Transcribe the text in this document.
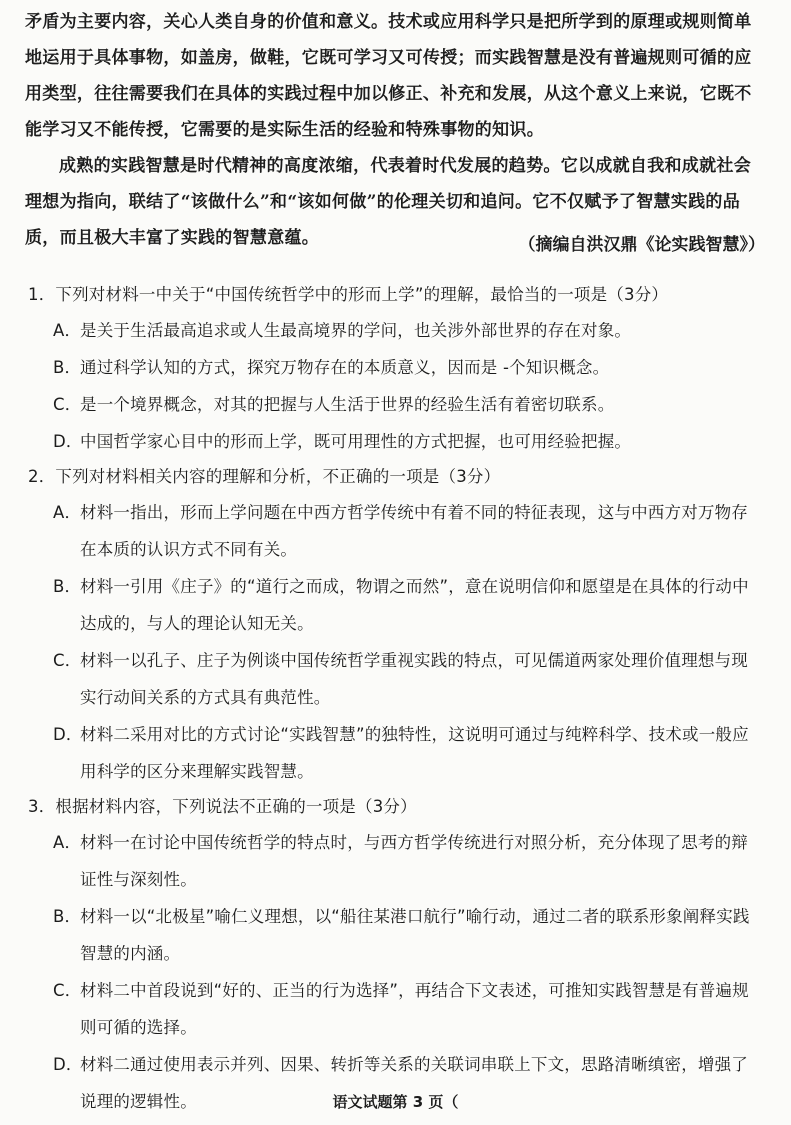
矛盾为主要内容，关心人类自身的价值和意义。技术或应用科学只是把所学到的原理或规则简单地运用于具体事物，如盖房，做鞋，它既可学习又可传授；而实践智慧是没有普遍规则可循的应用类型，往往需要我们在具体的实践过程中加以修正、补充和发展，从这个意义上来说，它既不能学习又不能传授，它需要的是实际生活的经验和特殊事物的知识。

成熟的实践智慧是时代精神的高度浓缩，代表着时代发展的趋势。它以成就自我和成就社会理想为指向，联结了“该做什么”和“该如何做”的伦理关切和追问。它不仅赋予了智慧实践的品质，而且极大丰富了实践的智慧意蕴。	（摘编自洪汉鼎《论实践智慧》）
1．下列对材料一中关于“中国传统哲学中的形而上学”的理解，最恰当的一项是（3分）
A．是关于生活最高追求或人生最高境界的学问，也关涉外部世界的存在对象。
B．通过科学认知的方式，探究万物存在的本质意义，因而是 -个知识概念。
C．是一个境界概念，对其的把握与人生活于世界的经验生活有着密切联系。
D．中国哲学家心目中的形而上学，既可用理性的方式把握，也可用经验把握。
2．下列对材料相关内容的理解和分析，不正确的一项是（3分）
A．材料一指出，形而上学问题在中西方哲学传统中有着不同的特征表现，这与中西方对万物存在本质的认识方式不同有关。
B．材料一引用《庄子》的“道行之而成，物谓之而然”，意在说明信仰和愿望是在具体的行动中达成的，与人的理论认知无关。
C．材料一以孔子、庄子为例谈中国传统哲学重视实践的特点，可见儒道两家处理价值理想与现实行动间关系的方式具有典范性。
D．材料二采用对比的方式讨论“实践智慧”的独特性，这说明可通过与纯粹科学、技术或一般应用科学的区分来理解实践智慧。
3．根据材料内容，下列说法不正确的一项是（3分）
A．材料一在讨论中国传统哲学的特点时，与西方哲学传统进行对照分析，充分体现了思考的辩证性与深刻性。
B．材料一以“北极星”喻仁义理想，以“船往某港口航行”喻行动，通过二者的联系形象阐释实践智慧的内涵。
C．材料二中首段说到“好的、正当的行为选择”，再结合下文表述，可推知实践智慧是有普遍规则可循的选择。
D．材料二通过使用表示并列、因果、转折等关系的关联词串联上下文，思路清晰缜密，增强了说理的逻辑性。	语文试题第 3 页（
